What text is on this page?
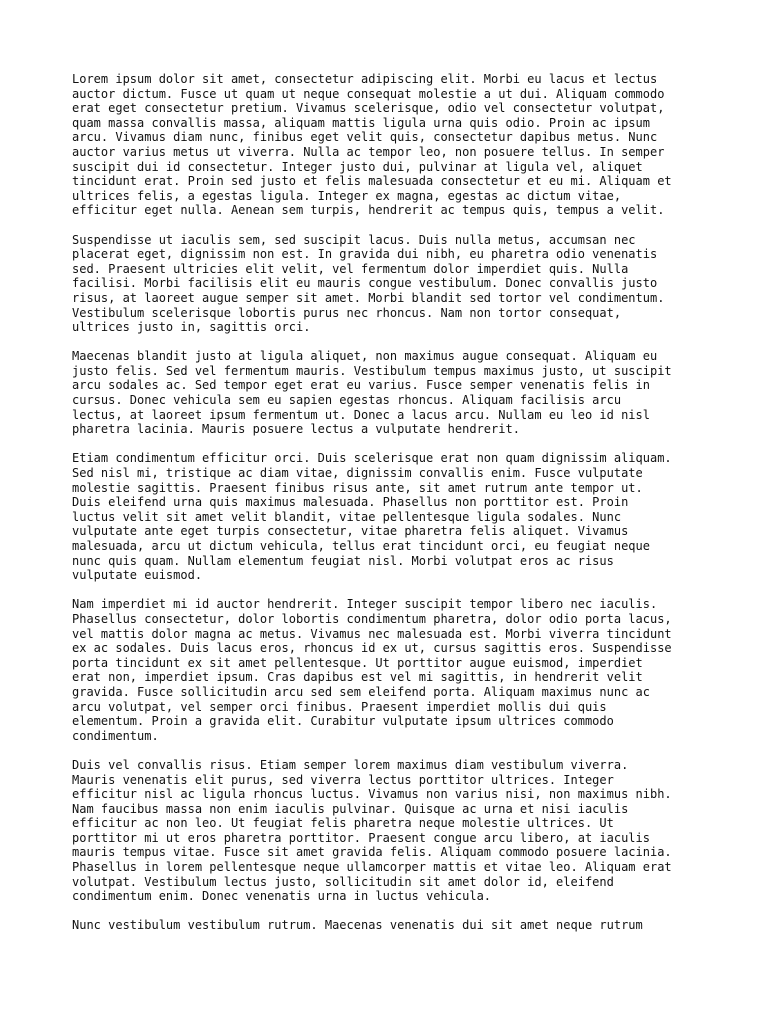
Lorem ipsum dolor sit amet, consectetur adipiscing elit. Morbi eu lacus et lectus
auctor dictum. Fusce ut quam ut neque consequat molestie a ut dui. Aliquam commodo
erat eget consectetur pretium. Vivamus scelerisque, odio vel consectetur volutpat,
quam massa convallis massa, aliquam mattis ligula urna quis odio. Proin ac ipsum
arcu. Vivamus diam nunc, finibus eget velit quis, consectetur dapibus metus. Nunc
auctor varius metus ut viverra. Nulla ac tempor leo, non posuere tellus. In semper
suscipit dui id consectetur. Integer justo dui, pulvinar at ligula vel, aliquet
tincidunt erat. Proin sed justo et felis malesuada consectetur et eu mi. Aliquam et
ultrices felis, a egestas ligula. Integer ex magna, egestas ac dictum vitae,
efficitur eget nulla. Aenean sem turpis, hendrerit ac tempus quis, tempus a velit.

Suspendisse ut iaculis sem, sed suscipit lacus. Duis nulla metus, accumsan nec
placerat eget, dignissim non est. In gravida dui nibh, eu pharetra odio venenatis
sed. Praesent ultricies elit velit, vel fermentum dolor imperdiet quis. Nulla
facilisi. Morbi facilisis elit eu mauris congue vestibulum. Donec convallis justo
risus, at laoreet augue semper sit amet. Morbi blandit sed tortor vel condimentum.
Vestibulum scelerisque lobortis purus nec rhoncus. Nam non tortor consequat,
ultrices justo in, sagittis orci.

Maecenas blandit justo at ligula aliquet, non maximus augue consequat. Aliquam eu
justo felis. Sed vel fermentum mauris. Vestibulum tempus maximus justo, ut suscipit
arcu sodales ac. Sed tempor eget erat eu varius. Fusce semper venenatis felis in
cursus. Donec vehicula sem eu sapien egestas rhoncus. Aliquam facilisis arcu
lectus, at laoreet ipsum fermentum ut. Donec a lacus arcu. Nullam eu leo id nisl
pharetra lacinia. Mauris posuere lectus a vulputate hendrerit.

Etiam condimentum efficitur orci. Duis scelerisque erat non quam dignissim aliquam.
Sed nisl mi, tristique ac diam vitae, dignissim convallis enim. Fusce vulputate
molestie sagittis. Praesent finibus risus ante, sit amet rutrum ante tempor ut.
Duis eleifend urna quis maximus malesuada. Phasellus non porttitor est. Proin
luctus velit sit amet velit blandit, vitae pellentesque ligula sodales. Nunc
vulputate ante eget turpis consectetur, vitae pharetra felis aliquet. Vivamus
malesuada, arcu ut dictum vehicula, tellus erat tincidunt orci, eu feugiat neque
nunc quis quam. Nullam elementum feugiat nisl. Morbi volutpat eros ac risus
vulputate euismod.

Nam imperdiet mi id auctor hendrerit. Integer suscipit tempor libero nec iaculis.
Phasellus consectetur, dolor lobortis condimentum pharetra, dolor odio porta lacus,
vel mattis dolor magna ac metus. Vivamus nec malesuada est. Morbi viverra tincidunt
ex ac sodales. Duis lacus eros, rhoncus id ex ut, cursus sagittis eros. Suspendisse
porta tincidunt ex sit amet pellentesque. Ut porttitor augue euismod, imperdiet
erat non, imperdiet ipsum. Cras dapibus est vel mi sagittis, in hendrerit velit
gravida. Fusce sollicitudin arcu sed sem eleifend porta. Aliquam maximus nunc ac
arcu volutpat, vel semper orci finibus. Praesent imperdiet mollis dui quis
elementum. Proin a gravida elit. Curabitur vulputate ipsum ultrices commodo
condimentum.

Duis vel convallis risus. Etiam semper lorem maximus diam vestibulum viverra.
Mauris venenatis elit purus, sed viverra lectus porttitor ultrices. Integer
efficitur nisl ac ligula rhoncus luctus. Vivamus non varius nisi, non maximus nibh.
Nam faucibus massa non enim iaculis pulvinar. Quisque ac urna et nisi iaculis
efficitur ac non leo. Ut feugiat felis pharetra neque molestie ultrices. Ut
porttitor mi ut eros pharetra porttitor. Praesent congue arcu libero, at iaculis
mauris tempus vitae. Fusce sit amet gravida felis. Aliquam commodo posuere lacinia.
Phasellus in lorem pellentesque neque ullamcorper mattis et vitae leo. Aliquam erat
volutpat. Vestibulum lectus justo, sollicitudin sit amet dolor id, eleifend
condimentum enim. Donec venenatis urna in luctus vehicula.

Nunc vestibulum vestibulum rutrum. Maecenas venenatis dui sit amet neque rutrum
